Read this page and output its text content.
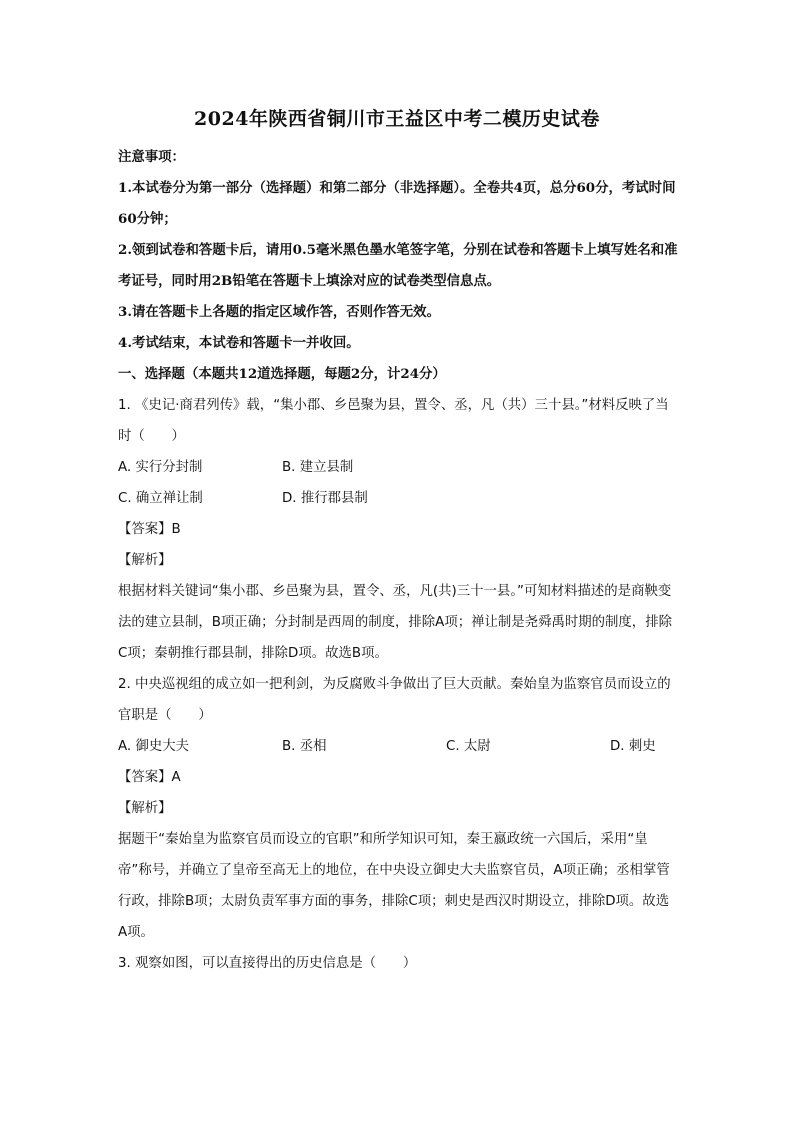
2024年陕西省铜川市王益区中考二模历史试卷
注意事项：
1.本试卷分为第一部分（选择题）和第二部分（非选择题）。全卷共4页，总分60分，考试时间60分钟；
2.领到试卷和答题卡后，请用0.5毫米黑色墨水笔签字笔，分别在试卷和答题卡上填写姓名和准考证号，同时用2B铅笔在答题卡上填涂对应的试卷类型信息点。
3.请在答题卡上各题的指定区域作答，否则作答无效。
4.考试结束，本试卷和答题卡一并收回。
一、选择题（本题共12道选择题，每题2分，计24分）
1. 《史记·商君列传》载，“集小郡、乡邑聚为县，置令、丞，凡（共）三十县。”材料反映了当时（　　）
A. 实行分封制	B. 建立县制
C. 确立禅让制	D. 推行郡县制
【答案】B
【解析】
根据材料关键词“集小郡、乡邑聚为县，置令、丞，凡(共)三十一县。”可知材料描述的是商鞅变法的建立县制，B项正确；分封制是西周的制度，排除A项；禅让制是尧舜禹时期的制度，排除C项；秦朝推行郡县制，排除D项。故选B项。
2. 中央巡视组的成立如一把利剑，为反腐败斗争做出了巨大贡献。秦始皇为监察官员而设立的官职是（　　）
A. 御史大夫	B. 丞相	C. 太尉	D. 刺史
【答案】A
【解析】
据题干“秦始皇为监察官员而设立的官职”和所学知识可知，秦王嬴政统一六国后，采用“皇帝”称号，并确立了皇帝至高无上的地位，在中央设立御史大夫监察官员，A项正确；丞相掌管行政，排除B项；太尉负责军事方面的事务，排除C项；刺史是西汉时期设立，排除D项。故选A项。
3. 观察如图，可以直接得出的历史信息是（　　）
